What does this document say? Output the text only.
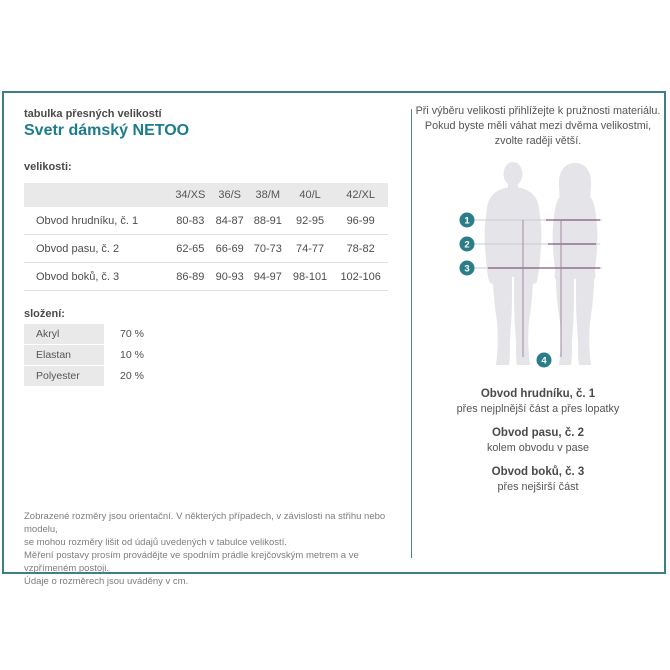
tabulka přesných velikostí
Svetr dámský NETOO
velikosti:
	34/XS	36/S	38/M	40/L	42/XL
Obvod hrudníku, č. 1	80-83	84-87	88-91	92-95	96-99
Obvod pasu, č. 2	62-65	66-69	70-73	74-77	78-82
Obvod boků, č. 3	86-89	90-93	94-97	98-101	102-106
složení:
Akryl	70 %
Elastan	10 %
Polyester	20 %
Zobrazené rozměry jsou orientační. V některých případech, v závislosti na střihu nebo modelu,
se mohou rozměry lišit od údajů uvedených v tabulce velikostí.
Měření postavy prosím provádějte ve spodním prádle krejčovským metrem a ve vzpřímeném postoji.
Údaje o rozměrech jsou uváděny v cm.
Při výběru velikosti přihlížejte k pružnosti materiálu.
Pokud byste měli váhat mezi dvěma velikostmi,
zvolte raději větší.
1
2
3
4
Obvod hrudníku, č. 1
přes nejplnější část a přes lopatky
Obvod pasu, č. 2
kolem obvodu v pase
Obvod boků, č. 3
přes nejširší část
